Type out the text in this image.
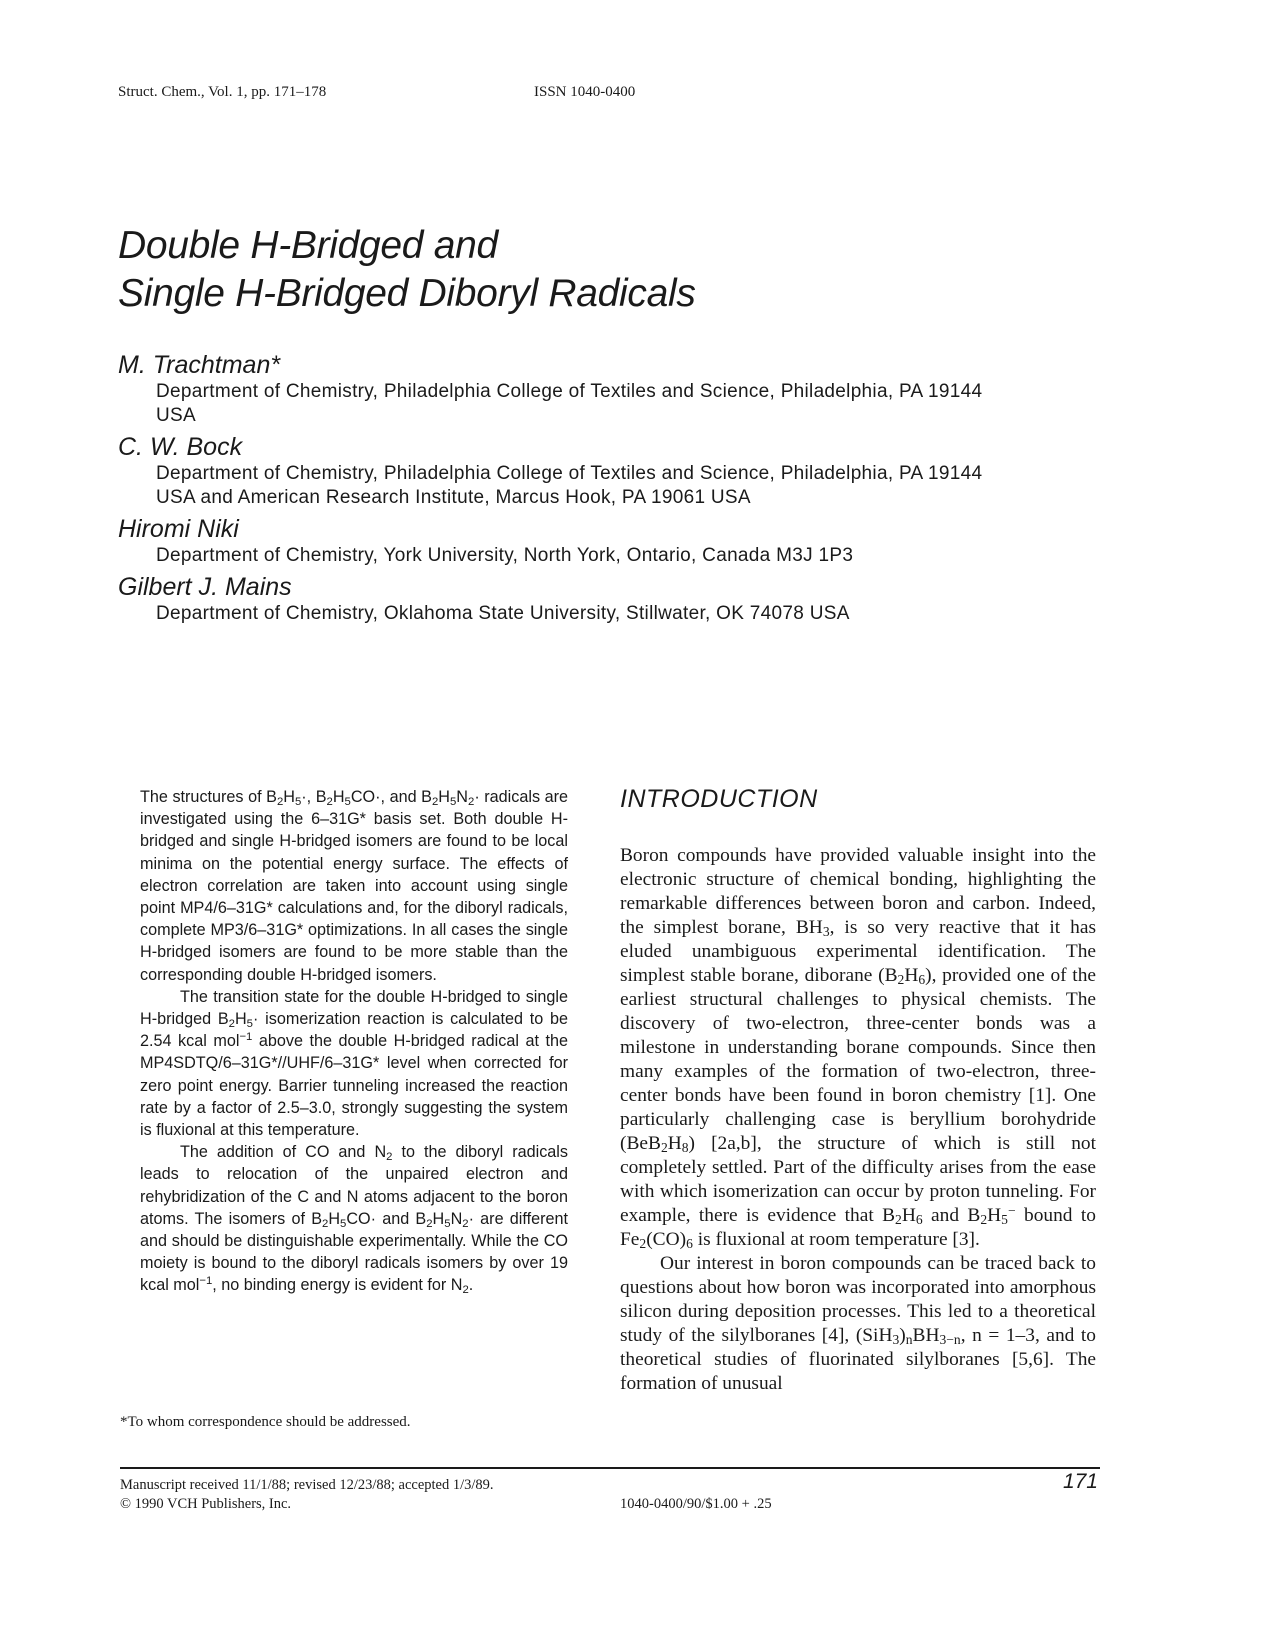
Struct. Chem., Vol. 1, pp. 171–178	ISSN 1040-0400
Double H-Bridged and
Single H-Bridged Diboryl Radicals
M. Trachtman*
Department of Chemistry, Philadelphia College of Textiles and Science, Philadelphia, PA 19144
USA
C. W. Bock
Department of Chemistry, Philadelphia College of Textiles and Science, Philadelphia, PA 19144
USA and American Research Institute, Marcus Hook, PA 19061 USA
Hiromi Niki
Department of Chemistry, York University, North York, Ontario, Canada M3J 1P3
Gilbert J. Mains
Department of Chemistry, Oklahoma State University, Stillwater, OK 74078 USA

The structures of $B_2H_5\cdot$, $B_2H_5CO\cdot$, and $B_2H_5N_2\cdot$ radicals are investigated using the 6–31G* basis set. Both double H-bridged and single H-bridged isomers are found to be local minima on the potential energy surface. The effects of electron correlation are taken into account using single point MP4/6–31G* calculations and, for the diboryl radicals, complete MP3/6–31G* optimizations. In all cases the single H-bridged isomers are found to be more stable than the corresponding double H-bridged isomers.

The transition state for the double H-bridged to single H-bridged $B_2H_5\cdot$ isomerization reaction is calculated to be 2.54 kcal mol$^{-1}$ above the double H-bridged radical at the MP4SDTQ/6–31G*//UHF/6–31G* level when corrected for zero point energy. Barrier tunneling increased the reaction rate by a factor of 2.5–3.0, strongly suggesting the system is fluxional at this temperature.

The addition of CO and $N_2$ to the diboryl radicals leads to relocation of the unpaired electron and rehybridization of the C and N atoms adjacent to the boron atoms. The isomers of $B_2H_5CO\cdot$ and $B_2H_5N_2\cdot$ are different and should be distinguishable experimentally. While the CO moiety is bound to the diboryl radicals isomers by over 19 kcal mol$^{-1}$, no binding energy is evident for $N_2$.

*To whom correspondence should be addressed.
INTRODUCTION

Boron compounds have provided valuable insight into the electronic structure of chemical bonding, highlighting the remarkable differences between boron and carbon. Indeed, the simplest borane, $BH_3$, is so very reactive that it has eluded unambiguous experimental identification. The simplest stable borane, diborane $(B_2H_6)$, provided one of the earliest structural challenges to physical chemists. The discovery of two-electron, three-center bonds was a milestone in understanding borane compounds. Since then many examples of the formation of two-electron, three-center bonds have been found in boron chemistry [1]. One particularly challenging case is beryllium borohydride $(BeB_2H_8)$ [2a,b], the structure of which is still not completely settled. Part of the difficulty arises from the ease with which isomerization can occur by proton tunneling. For example, there is evidence that $B_2H_6$ and $B_2H_5^-$ bound to $Fe_2(CO)_6$ is fluxional at room temperature [3].

Our interest in boron compounds can be traced back to questions about how boron was incorporated into amorphous silicon during deposition processes. This led to a theoretical study of the silylboranes [4], $(SiH_3)_nBH_{3-n}$, n = 1–3, and to theoretical studies of fluorinated silylboranes [5,6]. The formation of unusual

Manuscript received 11/1/88; revised 12/23/88; accepted 1/3/89.
© 1990 VCH Publishers, Inc.	1040-0400/90/$1.00 + .25
171
